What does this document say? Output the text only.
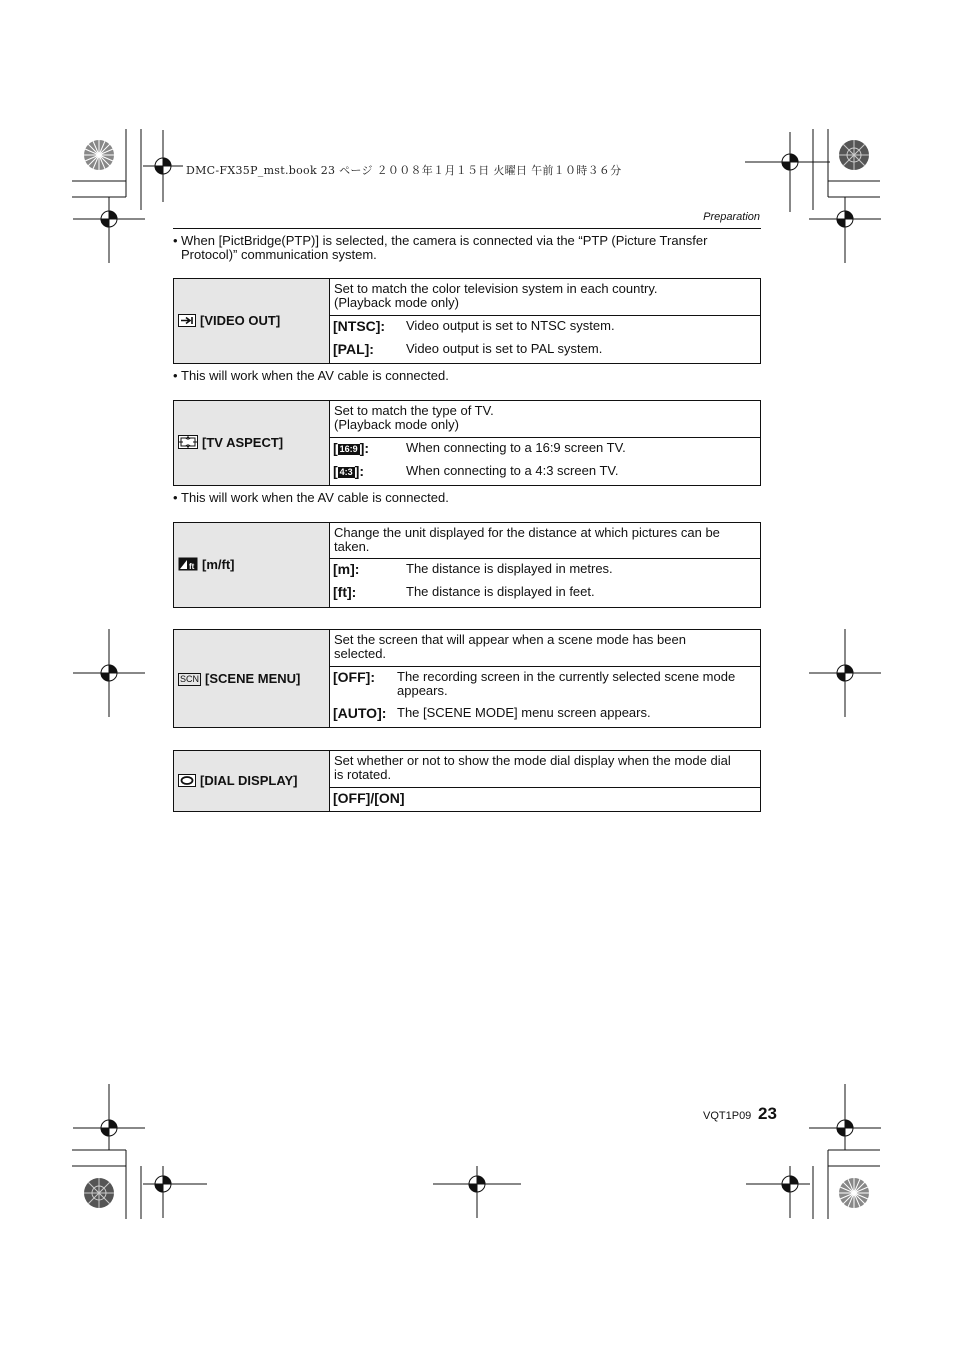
DMC-FX35P_mst.book 23 ページ ２００８年１月１５日 火曜日 午前１０時３６分
Preparation
• When [PictBridge(PTP)] is selected, the camera is connected via the “PTP (Picture Transfer
Protocol)” communication system.
[VIDEO OUT]	
Set to match the color television system in each country.
(Playback mode only)

[NTSC]:	Video output is set to NTSC system.
[PAL]:	Video output is set to PAL system.
• This will work when the AV cable is connected.
[TV ASPECT]	
Set to match the type of TV.
(Playback mode only)

[ 16:9 ]:	When connecting to a 16:9 screen TV.
[ 4:3 ]:	When connecting to a 4:3 screen TV.
• This will work when the AV cable is connected.
ft [m/ft]	
Change the unit displayed for the distance at which pictures can be
taken.

[m]:	The distance is displayed in metres.
[ft]:	The distance is displayed in feet.
SCN [SCENE MENU]	
Set the screen that will appear when a scene mode has been
selected.

[OFF]:	The recording screen in the currently selected scene mode
appears.
[AUTO]: The [SCENE MODE] menu screen appears.
[DIAL DISPLAY]	
Set whether or not to show the mode dial display when the mode dial
is rotated.

[OFF]/[ON]
VQT1P09 23
